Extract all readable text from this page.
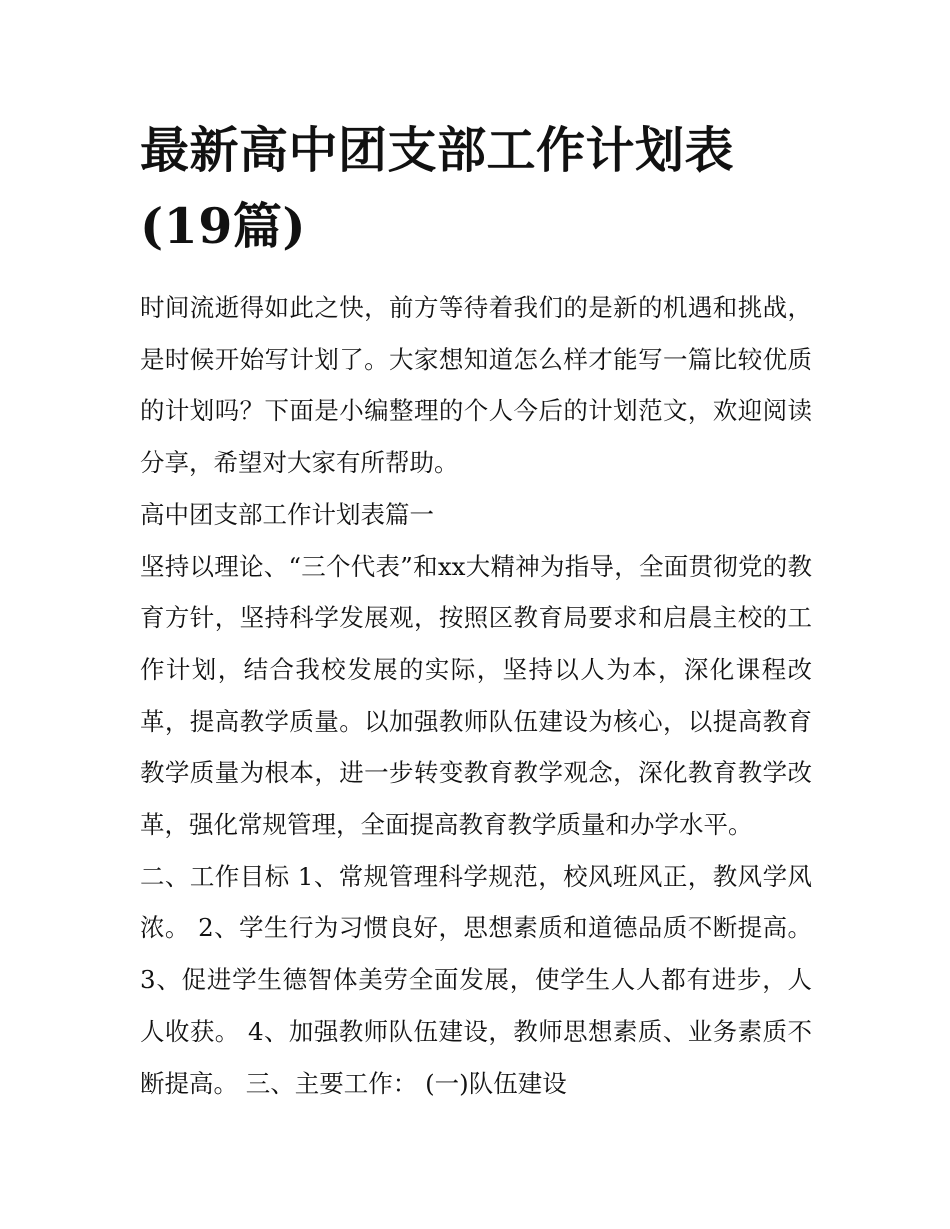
最新高中团支部工作计划表(19篇)

时间流逝得如此之快，前方等待着我们的是新的机遇和挑战，是时候开始写计划了。大家想知道怎么样才能写一篇比较优质的计划吗？下面是小编整理的个人今后的计划范文，欢迎阅读分享，希望对大家有所帮助。

高中团支部工作计划表篇一

坚持以理论、“三个代表”和xx大精神为指导，全面贯彻党的教育方针，坚持科学发展观，按照区教育局要求和启晨主校的工作计划，结合我校发展的实际，坚持以人为本，深化课程改革，提高教学质量。以加强教师队伍建设为核心，以提高教育教学质量为根本，进一步转变教育教学观念，深化教育教学改革，强化常规管理，全面提高教育教学质量和办学水平。

二、工作目标 1、常规管理科学规范，校风班风正，教风学风浓。 2、学生行为习惯良好，思想素质和道德品质不断提高。 3、促进学生德智体美劳全面发展，使学生人人都有进步，人人收获。 4、加强教师队伍建设，教师思想素质、业务素质不断提高。 三、主要工作： (一)队伍建设
